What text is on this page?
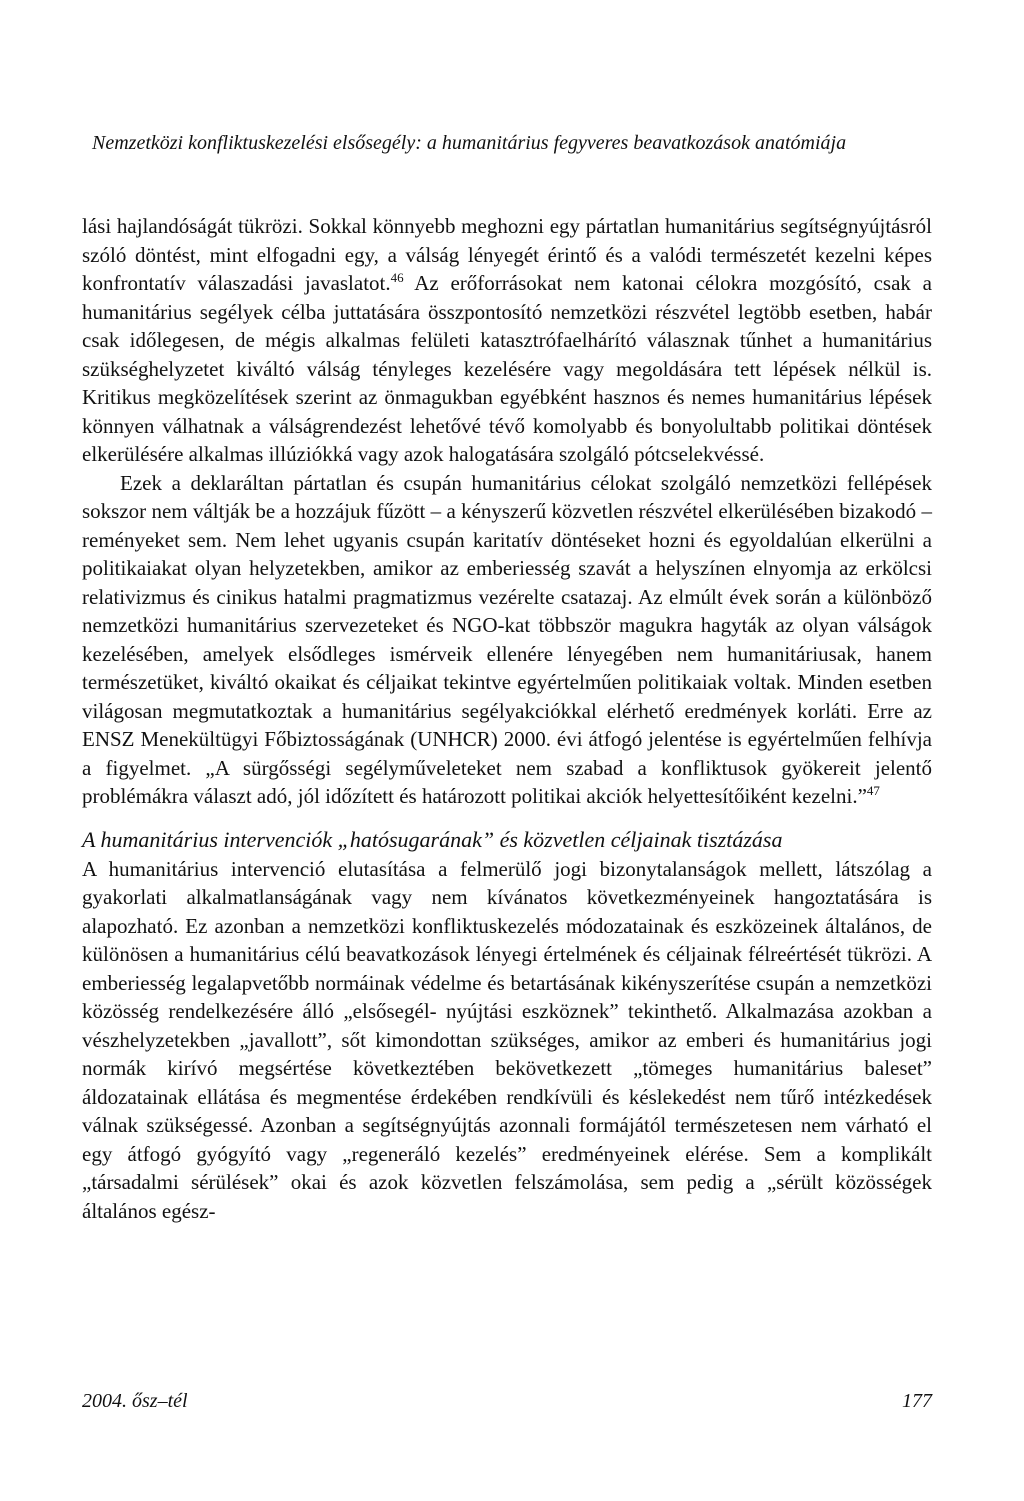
Nemzetközi konfliktuskezelési elsősegély: a humanitárius fegyveres beavatkozások anatómiája

lási hajlandóságát tükrözi. Sokkal könnyebb meghozni egy pártatlan humanitárius segítségnyújtásról szóló döntést, mint elfogadni egy, a válság lényegét érintő és a valódi természetét kezelni képes konfrontatív válaszadási javaslatot.$^{46}$ Az erőforrásokat nem katonai célokra mozgósító, csak a humanitárius segélyek célba juttatására összpontosító nemzetközi részvétel legtöbb esetben, habár csak időlegesen, de mégis alkalmas felületi katasztrófaelhárító válasznak tűnhet a humanitárius szükséghelyzetet kiváltó válság tényleges kezelésére vagy megoldására tett lépések nélkül is. Kritikus megközelítések szerint az önmagukban egyébként hasznos és nemes humanitárius lépések könnyen válhatnak a válságrendezést lehetővé tévő komolyabb és bonyolultabb politikai döntések elkerülésére alkalmas illúziókká vagy azok halogatására szolgáló pótcselekvéssé.

Ezek a deklaráltan pártatlan és csupán humanitárius célokat szolgáló nemzetközi fellépések sokszor nem váltják be a hozzájuk fűzött – a kényszerű közvetlen részvétel elkerülésében bizakodó – reményeket sem. Nem lehet ugyanis csupán karitatív döntéseket hozni és egyoldalúan elkerülni a politikaiakat olyan helyzetekben, amikor az emberiesség szavát a helyszínen elnyomja az erkölcsi relativizmus és cinikus hatalmi pragmatizmus vezérelte csatazaj. Az elmúlt évek során a különböző nemzetközi humanitárius szervezeteket és NGO-kat többször magukra hagyták az olyan válságok kezelésében, amelyek elsődleges ismérveik ellenére lényegében nem humanitáriusak, hanem természetüket, kiváltó okaikat és céljaikat tekintve egyértelműen politikaiak voltak. Minden esetben világosan megmutatkoztak a humanitárius segélyakciókkal elérhető eredmények korláti. Erre az ENSZ Menekültügyi Főbiztosságának (UNHCR) 2000. évi átfogó jelentése is egyértelműen felhívja a figyelmet. „A sürgősségi segélyműveleteket nem szabad a konfliktusok gyökereit jelentő problémákra választ adó, jól időzített és határozott politikai akciók helyettesítőiként kezelni.”$^{47}$

A humanitárius intervenciók „hatósugarának” és közvetlen céljainak tisztázása

A humanitárius intervenció elutasítása a felmerülő jogi bizonytalanságok mellett, látszólag a gyakorlati alkalmatlanságának vagy nem kívánatos következményeinek hangoztatására is alapozható. Ez azonban a nemzetközi konfliktuskezelés módozatainak és eszközeinek általános, de különösen a humanitárius célú beavatkozások lényegi értelmének és céljainak félreértését tükrözi. A emberiesség legalapvetőbb normáinak védelme és betartásának kikényszerítése csupán a nemzetközi közösség rendelkezésére álló „elsősegél- nyújtási eszköznek” tekinthető. Alkalmazása azokban a vészhelyzetekben „javallott”, sőt kimondottan szükséges, amikor az emberi és humanitárius jogi normák kirívó megsértése következtében bekövetkezett „tömeges humanitárius baleset” áldozatainak ellátása és megmentése érdekében rendkívüli és késlekedést nem tűrő intézkedések válnak szükségessé. Azonban a segítségnyújtás azonnali formájától természetesen nem várható el egy átfogó gyógyító vagy „regeneráló kezelés” eredményeinek elérése. Sem a komplikált „társadalmi sérülések” okai és azok közvetlen felszámolása, sem pedig a „sérült közösségek általános egész-

2004. ősz–tél	177
